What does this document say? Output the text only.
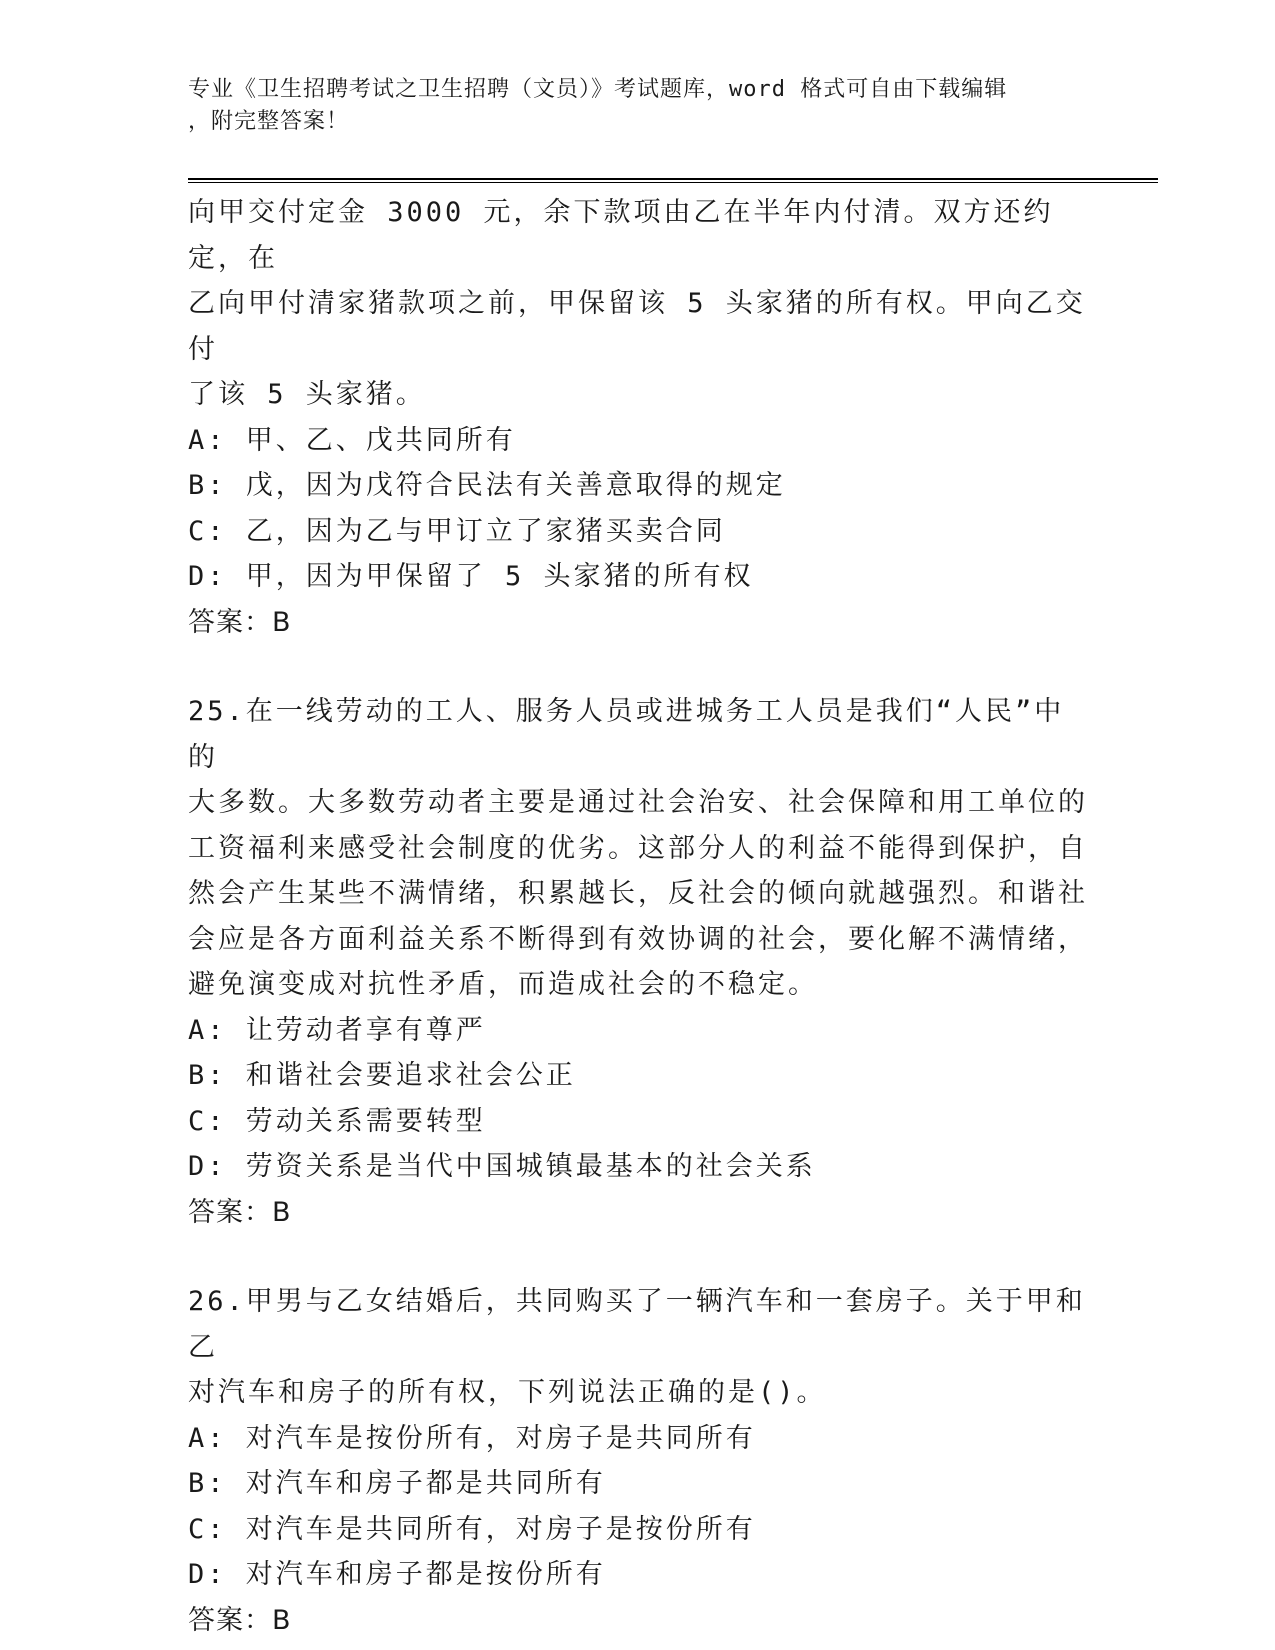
专业《卫生招聘考试之卫生招聘（文员）》考试题库，word 格式可自由下载编辑
，附完整答案！
向甲交付定金 3000 元，余下款项由乙在半年内付清。双方还约定，在
乙向甲付清家猪款项之前，甲保留该 5 头家猪的所有权。甲向乙交付
了该 5 头家猪。
A: 甲、乙、戊共同所有
B: 戊，因为戊符合民法有关善意取得的规定
C: 乙，因为乙与甲订立了家猪买卖合同
D: 甲，因为甲保留了 5 头家猪的所有权
答案：B
25.在一线劳动的工人、服务人员或进城务工人员是我们“人民”中的
大多数。大多数劳动者主要是通过社会治安、社会保障和用工单位的
工资福利来感受社会制度的优劣。这部分人的利益不能得到保护，自
然会产生某些不满情绪，积累越长，反社会的倾向就越强烈。和谐社
会应是各方面利益关系不断得到有效协调的社会，要化解不满情绪，
避免演变成对抗性矛盾，而造成社会的不稳定。
A: 让劳动者享有尊严
B: 和谐社会要追求社会公正
C: 劳动关系需要转型
D: 劳资关系是当代中国城镇最基本的社会关系
答案：B
26.甲男与乙女结婚后，共同购买了一辆汽车和一套房子。关于甲和乙
对汽车和房子的所有权，下列说法正确的是()。
A: 对汽车是按份所有，对房子是共同所有
B: 对汽车和房子都是共同所有
C: 对汽车是共同所有，对房子是按份所有
D: 对汽车和房子都是按份所有
答案：B
